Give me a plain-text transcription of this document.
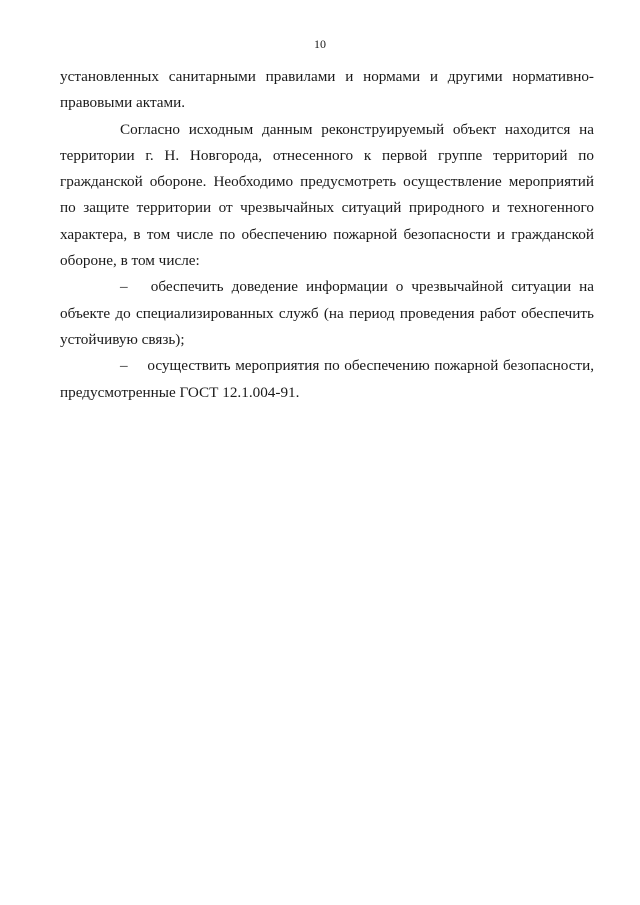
10

установленных санитарными правилами и нормами и другими нормативно-правовыми актами.

Согласно исходным данным реконструируемый объект находится на территории г. Н. Новгорода, отнесенного к первой группе территорий по гражданской обороне. Необходимо предусмотреть осуществление мероприятий по защите территории от чрезвычайных ситуаций природного и техногенного характера, в том числе по обеспечению пожарной безопасности и гражданской обороне, в том числе:

–  обеспечить доведение информации о чрезвычайной ситуации на объекте до специализированных служб (на период проведения работ обеспечить устойчивую связь);

–  осуществить мероприятия по обеспечению пожарной безопасности, предусмотренные ГОСТ 12.1.004-91.
